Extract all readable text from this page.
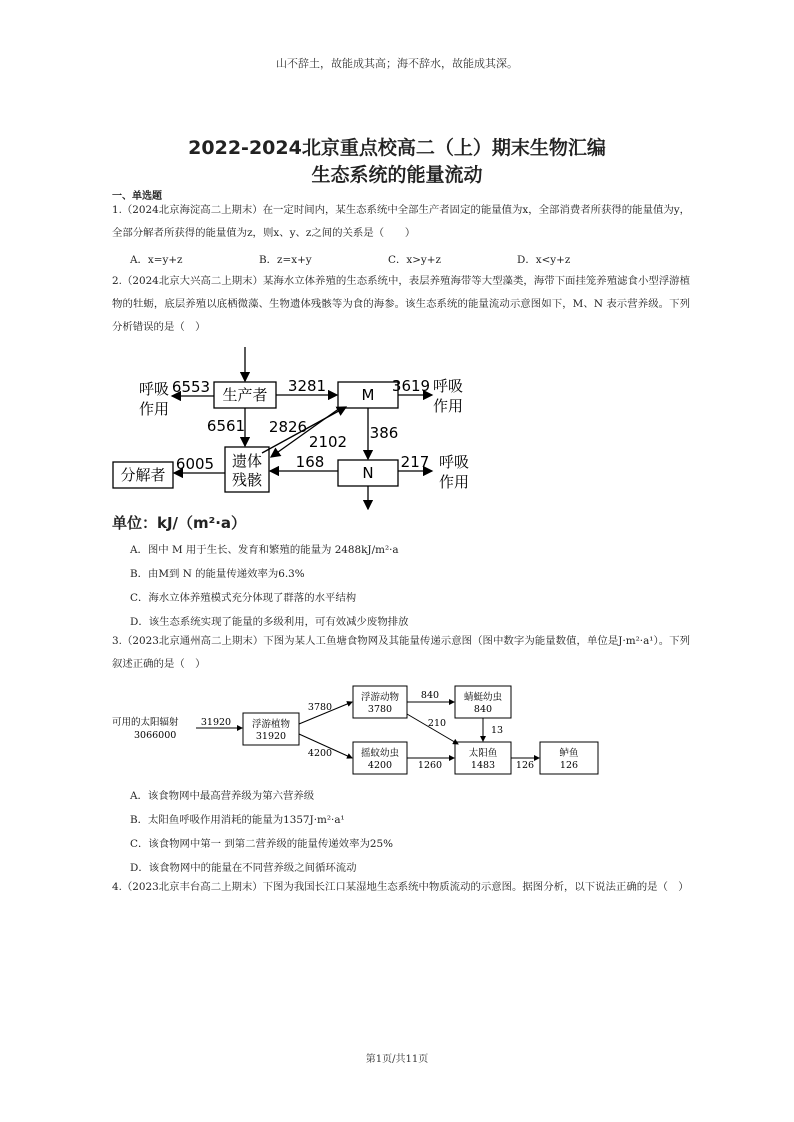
山不辞土，故能成其高；海不辞水，故能成其深。
2022-2024北京重点校高二（上）期末生物汇编
生态系统的能量流动
一、单选题
1.（2024北京海淀高二上期末）在一定时间内，某生态系统中全部生产者固定的能量值为x，全部消费者所获得的能量值为y，全部分解者所获得的能量值为z，则x、y、z之间的关系是（　　）
A．x=y+z	B．z=x+y	C．x>y+z	D．x<y+z
2.（2024北京大兴高二上期末）某海水立体养殖的生态系统中，表层养殖海带等大型藻类，海带下面挂笼养殖滤食小型浮游植物的牡蛎，底层养殖以底栖微藻、生物遗体残骸等为食的海参。该生态系统的能量流动示意图如下，M、N 表示营养级。下列分析错误的是（　）
生产者	M
N
分解者
遗体
残骸
呼吸
作用
呼吸
作用
呼吸
作用
6553	3281	3619
6561 2826
2102 386
6005	168	217
单位：kJ/（m²·a）
A．图中 M 用于生长、发育和繁殖的能量为 2488kJ/m²·a
B．由M到 N 的能量传递效率为6.3%
C．海水立体养殖模式充分体现了群落的水平结构
D．该生态系统实现了能量的多级利用，可有效减少废物排放
3.（2023北京通州高二上期末）下图为某人工鱼塘食物网及其能量传递示意图（图中数字为能量数值，单位是J·m²·a¹）。下列叙述正确的是（　）
可用的太阳辐射
3066000
31920 浮游植物
31920
浮游动物
3780
摇蚊幼虫
4200
蜻蜓幼虫
840
太阳鱼
1483
鲈鱼
126
3780
4200
840
210
13
1260	126
A．该食物网中最高营养级为第六营养级
B．太阳鱼呼吸作用消耗的能量为1357J·m²·a¹
C．该食物网中第一 到第二营养级的能量传递效率为25%
D．该食物网中的能量在不同营养级之间循环流动
4.（2023北京丰台高二上期末）下图为我国长江口某湿地生态系统中物质流动的示意图。据图分析，以下说法正确的是（　）
第1页/共11页
